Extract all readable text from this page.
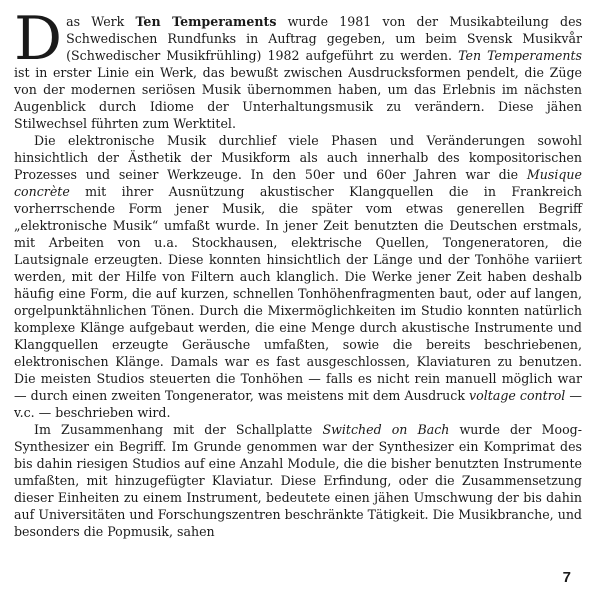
Das Werk Ten Temperaments wurde 1981 von der Musikabteilung des Schwedischen Rundfunks in Auftrag gegeben, um beim Svensk Musikvår (Schwedischer Musikfrühling) 1982 aufgeführt zu werden. Ten Temperaments ist in erster Linie ein Werk, das bewußt zwischen Ausdrucksformen pendelt, die Züge von der modernen seriösen Musik übernommen haben, um das Erlebnis im nächsten Augenblick durch Idiome der Unterhaltungsmusik zu verändern. Diese jähen Stilwechsel führten zum Werktitel.

Die elektronische Musik durchlief viele Phasen und Veränderungen sowohl hinsichtlich der Ästhetik der Musikform als auch innerhalb des kompositorischen Prozesses und seiner Werkzeuge. In den 50er und 60er Jahren war die Musique concrète mit ihrer Ausnützung akustischer Klangquellen die in Frankreich vorherrschende Form jener Musik, die später vom etwas generellen Begriff „elektronische Musik“ umfaßt wurde. In jener Zeit benutzten die Deutschen erstmals, mit Arbeiten von u.a. Stockhausen, elektrische Quellen, Tongeneratoren, die Lautsignale erzeugten. Diese konnten hinsichtlich der Länge und der Tonhöhe variiert werden, mit der Hilfe von Filtern auch klanglich. Die Werke jener Zeit haben deshalb häufig eine Form, die auf kurzen, schnellen Tonhöhenfragmenten baut, oder auf langen, orgelpunktähnlichen Tönen. Durch die Mixermöglichkeiten im Studio konnten natürlich komplexe Klänge aufgebaut werden, die eine Menge durch akustische Instrumente und Klangquellen erzeugte Geräusche umfaßten, sowie die bereits beschriebenen, elektronischen Klänge. Damals war es fast ausgeschlossen, Klaviaturen zu benutzen. Die meisten Studios steuerten die Tonhöhen — falls es nicht rein manuell möglich war — durch einen zweiten Tongenerator, was meistens mit dem Ausdruck voltage control — v.c. — beschrieben wird.

Im Zusammenhang mit der Schallplatte Switched on Bach wurde der Moog-Synthesizer ein Begriff. Im Grunde genommen war der Synthesizer ein Komprimat des bis dahin riesigen Studios auf eine Anzahl Module, die die bisher benutzten Instrumente umfaßten, mit hinzugefügter Klaviatur. Diese Erfindung, oder die Zusammensetzung dieser Einheiten zu einem Instrument, bedeutete einen jähen Umschwung der bis dahin auf Universitäten und Forschungszentren beschränkte Tätigkeit. Die Musikbranche, und besonders die Popmusik, sahen

7
